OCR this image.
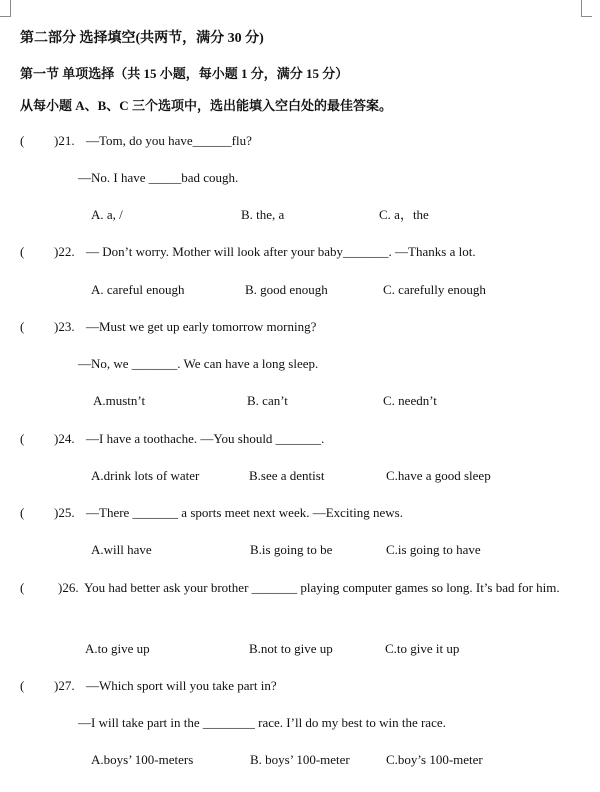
第二部分 选择填空(共两节，满分 30 分)
第一节 单项选择（共 15 小题，每小题 1 分，满分 15 分）
从每小题 A、B、C 三个选项中，选出能填入空白处的最佳答案。
( )21. —Tom, do you have______flu?
—No. I have _____bad cough.
A. a, /	B. the, a	C. a，the
( )22. — Don’t worry. Mother will look after your baby_______. —Thanks a lot.
A. careful enough	B. good enough	C. carefully enough
( )23. —Must we get up early tomorrow morning?
—No, we _______. We can have a long sleep.
A.mustn’t	B. can’t	C. needn’t
( )24. —I have a toothache. —You should _______.
A.drink lots of water	B.see a dentist	C.have a good sleep
( )25. —There _______ a sports meet next week. —Exciting news.
A.will have	B.is going to be	C.is going to have
(	)26. You had better ask your brother _______ playing computer games so long. It’s bad for him.
A.to give up	B.not to give up	C.to give it up
( )27. —Which sport will you take part in?
—I will take part in the ________ race. I’ll do my best to win the race.
A.boys’ 100-meters	B. boys’ 100-meter	C.boy’s 100-meter
